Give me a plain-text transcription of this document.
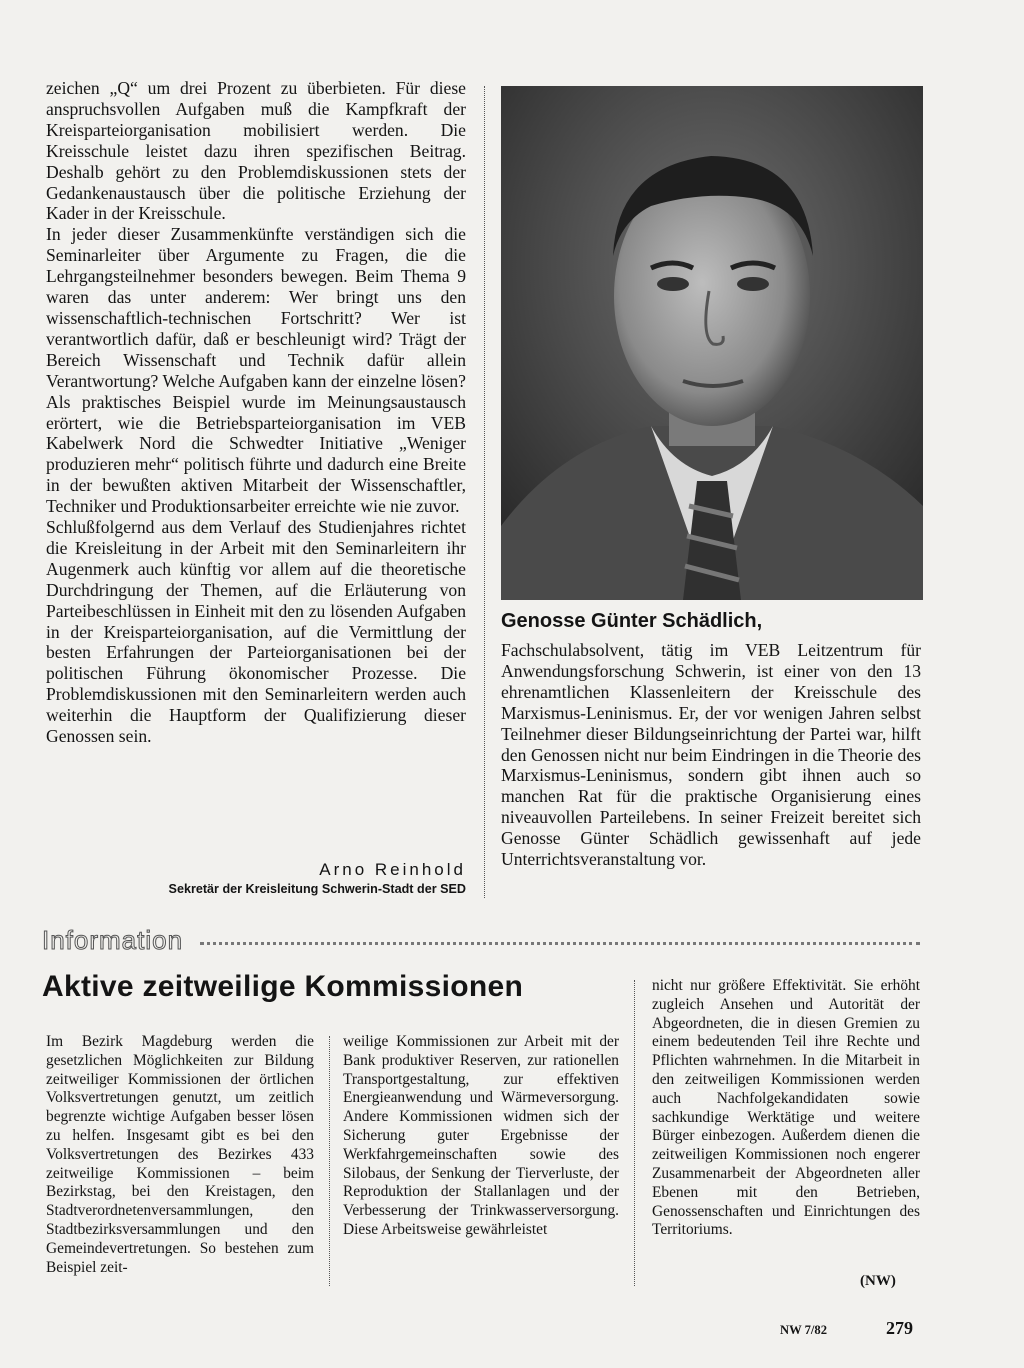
zeichen „Q“ um drei Prozent zu überbieten. Für diese anspruchsvollen Aufgaben muß die Kampfkraft der Kreisparteiorganisation mobilisiert werden. Die Kreisschule leistet dazu ihren spezifischen Beitrag. Deshalb gehört zu den Problemdiskussionen stets der Gedankenaustausch über die politische Erziehung der Kader in der Kreisschule.

In jeder dieser Zusammenkünfte verständigen sich die Seminarleiter über Argumente zu Fragen, die die Lehrgangsteilnehmer besonders bewegen. Beim Thema 9 waren das unter anderem: Wer bringt uns den wissenschaftlich-technischen Fortschritt? Wer ist verantwortlich dafür, daß er beschleunigt wird? Trägt der Bereich Wissenschaft und Technik dafür allein Verantwortung? Welche Aufgaben kann der einzelne lösen? Als praktisches Beispiel wurde im Meinungsaustausch erörtert, wie die Betriebsparteiorganisation im VEB Kabelwerk Nord die Schwedter Initiative „Weniger produzieren mehr“ politisch führte und dadurch eine Breite in der bewußten aktiven Mitarbeit der Wissenschaftler, Techniker und Produktionsarbeiter erreichte wie nie zuvor.

Schlußfolgernd aus dem Verlauf des Studienjahres richtet die Kreisleitung in der Arbeit mit den Seminarleitern ihr Augenmerk auch künftig vor allem auf die theoretische Durchdringung der Themen, auf die Erläuterung von Parteibeschlüssen in Einheit mit den zu lösenden Aufgaben in der Kreisparteiorganisation, auf die Vermittlung der besten Erfahrungen der Parteiorganisationen bei der politischen Führung ökonomischer Prozesse. Die Problemdiskussionen mit den Seminarleitern werden auch weiterhin die Hauptform der Qualifizierung dieser Genossen sein.

Arno Reinhold
Sekretär der Kreisleitung Schwerin-Stadt der SED
Genosse Günter Schädlich,

Fachschulabsolvent, tätig im VEB Leitzentrum für Anwendungsforschung Schwerin, ist einer von den 13 ehrenamtlichen Klassenleitern der Kreisschule des Marxismus-Leninismus. Er, der vor wenigen Jahren selbst Teilnehmer dieser Bildungseinrichtung der Partei war, hilft den Genossen nicht nur beim Eindringen in die Theorie des Marxismus-Leninismus, sondern gibt ihnen auch so manchen Rat für die praktische Organisierung eines niveauvollen Parteilebens. In seiner Freizeit bereitet sich Genosse Günter Schädlich gewissenhaft auf jede Unterrichtsveranstaltung vor.

Information
Aktive zeitweilige Kommissionen

Im Bezirk Magdeburg werden die gesetzlichen Möglichkeiten zur Bildung zeitweiliger Kommissionen der örtlichen Volksvertretungen genutzt, um zeitlich begrenzte wichtige Aufgaben besser lösen zu helfen. Insgesamt gibt es bei den Volksvertretungen des Bezirkes 433 zeitweilige Kommissionen – beim Bezirkstag, bei den Kreistagen, den Stadtverordnetenversammlungen, den Stadtbezirksversammlungen und den Gemeindevertretungen. So bestehen zum Beispiel zeit-

weilige Kommissionen zur Arbeit mit der Bank produktiver Reserven, zur rationellen Transportgestaltung, zur effektiven Energieanwendung und Wärmeversorgung. Andere Kommissionen widmen sich der Sicherung guter Ergebnisse der Werkfahrgemeinschaften sowie des Silobaus, der Senkung der Tierverluste, der Reproduktion der Stallanlagen und der Verbesserung der Trinkwasserversorgung. Diese Arbeitsweise gewährleistet

nicht nur größere Effektivität. Sie erhöht zugleich Ansehen und Autorität der Abgeordneten, die in diesen Gremien zu einem bedeutenden Teil ihre Rechte und Pflichten wahrnehmen. In die Mitarbeit in den zeitweiligen Kommissionen werden auch Nachfolgekandidaten sowie sachkundige Werktätige und weitere Bürger einbezogen. Außerdem dienen die zeitweiligen Kommissionen noch engerer Zusammenarbeit der Abgeordneten aller Ebenen mit den Betrieben, Genossenschaften und Einrichtungen des Territoriums.

(NW)
NW 7/82	279
